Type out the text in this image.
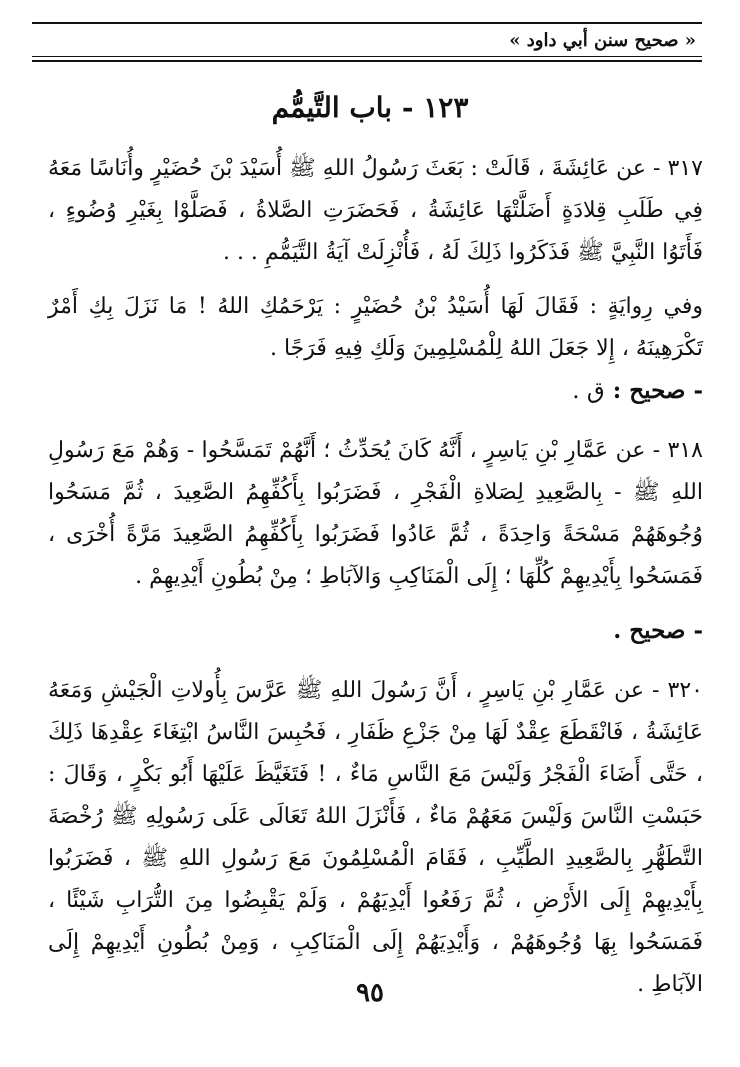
« صحيح سنن أبي داود »
١٢٣ - باب التَّيمُّم

٣١٧ - عن عَائِشَةَ ، قَالَتْ : بَعَثَ رَسُولُ اللهِ ﷺ أُسَيْدَ بْنَ حُضَيْرٍ وأُنَاسًا مَعَهُ فِي طَلَبِ قِلادَةٍ أَضَلَّتْهَا عَائِشَةُ ، فَحَضَرَتِ الصَّلاةُ ، فَصَلَّوْا بِغَيْرِ وُضُوءٍ ، فَأَتَوُا النَّبِيَّ ﷺ فَذَكَرُوا ذَلِكَ لَهُ ، فَأُنْزِلَتْ آيَةُ التَّيَمُّمِ . . .

وفي رِوايَةٍ : فَقَالَ لَهَا أُسَيْدُ بْنُ حُضَيْرٍ : يَرْحَمُكِ اللهُ ! مَا نَزَلَ بِكِ أَمْرٌ تَكْرَهِينَهُ ، إِلا جَعَلَ اللهُ لِلْمُسْلِمِينَ وَلَكِ فِيهِ فَرَجًا .

- صحيح : ق .

٣١٨ - عن عَمَّارِ بْنِ يَاسِرٍ ، أَنَّهُ كَانَ يُحَدِّثُ ؛ أَنَّهُمْ تَمَسَّحُوا - وَهُمْ مَعَ رَسُولِ اللهِ ﷺ - بِالصَّعِيدِ لِصَلاةِ الْفَجْرِ ، فَضَرَبُوا بِأَكُفِّهِمُ الصَّعِيدَ ، ثُمَّ مَسَحُوا وُجُوهَهُمْ مَسْحَةً وَاحِدَةً ، ثُمَّ عَادُوا فَضَرَبُوا بِأَكُفِّهِمُ الصَّعِيدَ مَرَّةً أُخْرَى ، فَمَسَحُوا بِأَيْدِيهِمْ كُلِّهَا ؛ إِلَى الْمَنَاكِبِ وَالآبَاطِ ؛ مِنْ بُطُونِ أَيْدِيهِمْ .

- صحيح .

٣٢٠ - عن عَمَّارِ بْنِ يَاسِرٍ ، أَنَّ رَسُولَ اللهِ ﷺ عَرَّسَ بِأُولاتِ الْجَيْشِ وَمَعَهُ عَائِشَةُ ، فَانْقَطَعَ عِقْدٌ لَهَا مِنْ جَزْعِ ظَفَارِ ، فَحُبِسَ النَّاسُ ابْتِغَاءَ عِقْدِهَا ذَلِكَ ، حَتَّى أَضَاءَ الْفَجْرُ وَلَيْسَ مَعَ النَّاسِ مَاءٌ ، ! فَتَغَيَّظَ عَلَيْهَا أَبُو بَكْرٍ ، وَقَالَ : حَبَسْتِ النَّاسَ وَلَيْسَ مَعَهُمْ مَاءٌ ، فَأَنْزَلَ اللهُ تَعَالَى عَلَى رَسُولِهِ ﷺ رُخْصَةَ التَّطَهُّرِ بِالصَّعِيدِ الطَّيِّبِ ، فَقَامَ الْمُسْلِمُونَ مَعَ رَسُولِ اللهِ ﷺ ، فَضَرَبُوا بِأَيْدِيهِمْ إِلَى الأَرْضِ ، ثُمَّ رَفَعُوا أَيْدِيَهُمْ ، وَلَمْ يَقْبِضُوا مِنَ التُّرَابِ شَيْئًا ، فَمَسَحُوا بِهَا وُجُوهَهُمْ ، وَأَيْدِيَهُمْ إِلَى الْمَنَاكِبِ ، وَمِنْ بُطُونِ أَيْدِيهِمْ إِلَى الآبَاطِ .

٩٥
